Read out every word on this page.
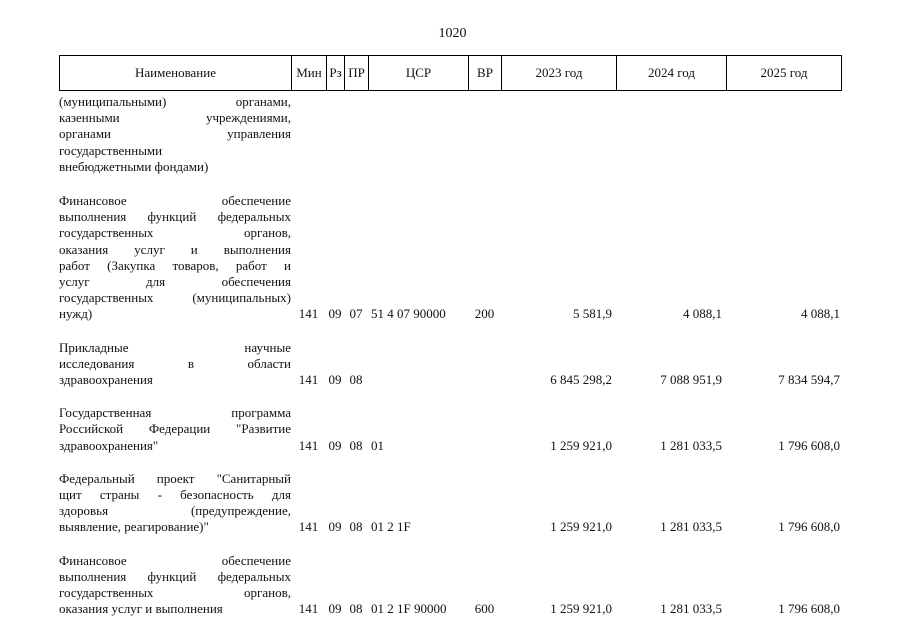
1020
Наименование	Мин Рз ПР	ЦСР	ВР	2023 год	2024 год	2025 год
(муниципальными) органами,
казенными учреждениями,
органами управления
государственными
внебюджетными фондами)
Финансовое обеспечение
выполнения функций федеральных
государственных органов,
оказания услуг и выполнения
работ (Закупка товаров, работ и
услуг для обеспечения
государственных (муниципальных)
нужд)	141 09 07 51 4 07 90000	200	5 581,9	4 088,1	4 088,1
Прикладные научные
исследования в области
здравоохранения	141 09 08	6 845 298,2	7 088 951,9	7 834 594,7
Государственная программа
Российской Федерации "Развитие
здравоохранения"	141 09 08 01	1 259 921,0	1 281 033,5	1 796 608,0
Федеральный проект "Санитарный
щит страны - безопасность для
здоровья (предупреждение,
выявление, реагирование)"	141 09 08 01 2 1F	1 259 921,0	1 281 033,5	1 796 608,0
Финансовое обеспечение
выполнения функций федеральных
государственных органов,
оказания услуг и выполнения	141 09 08 01 2 1F 90000	600	1 259 921,0	1 281 033,5	1 796 608,0
